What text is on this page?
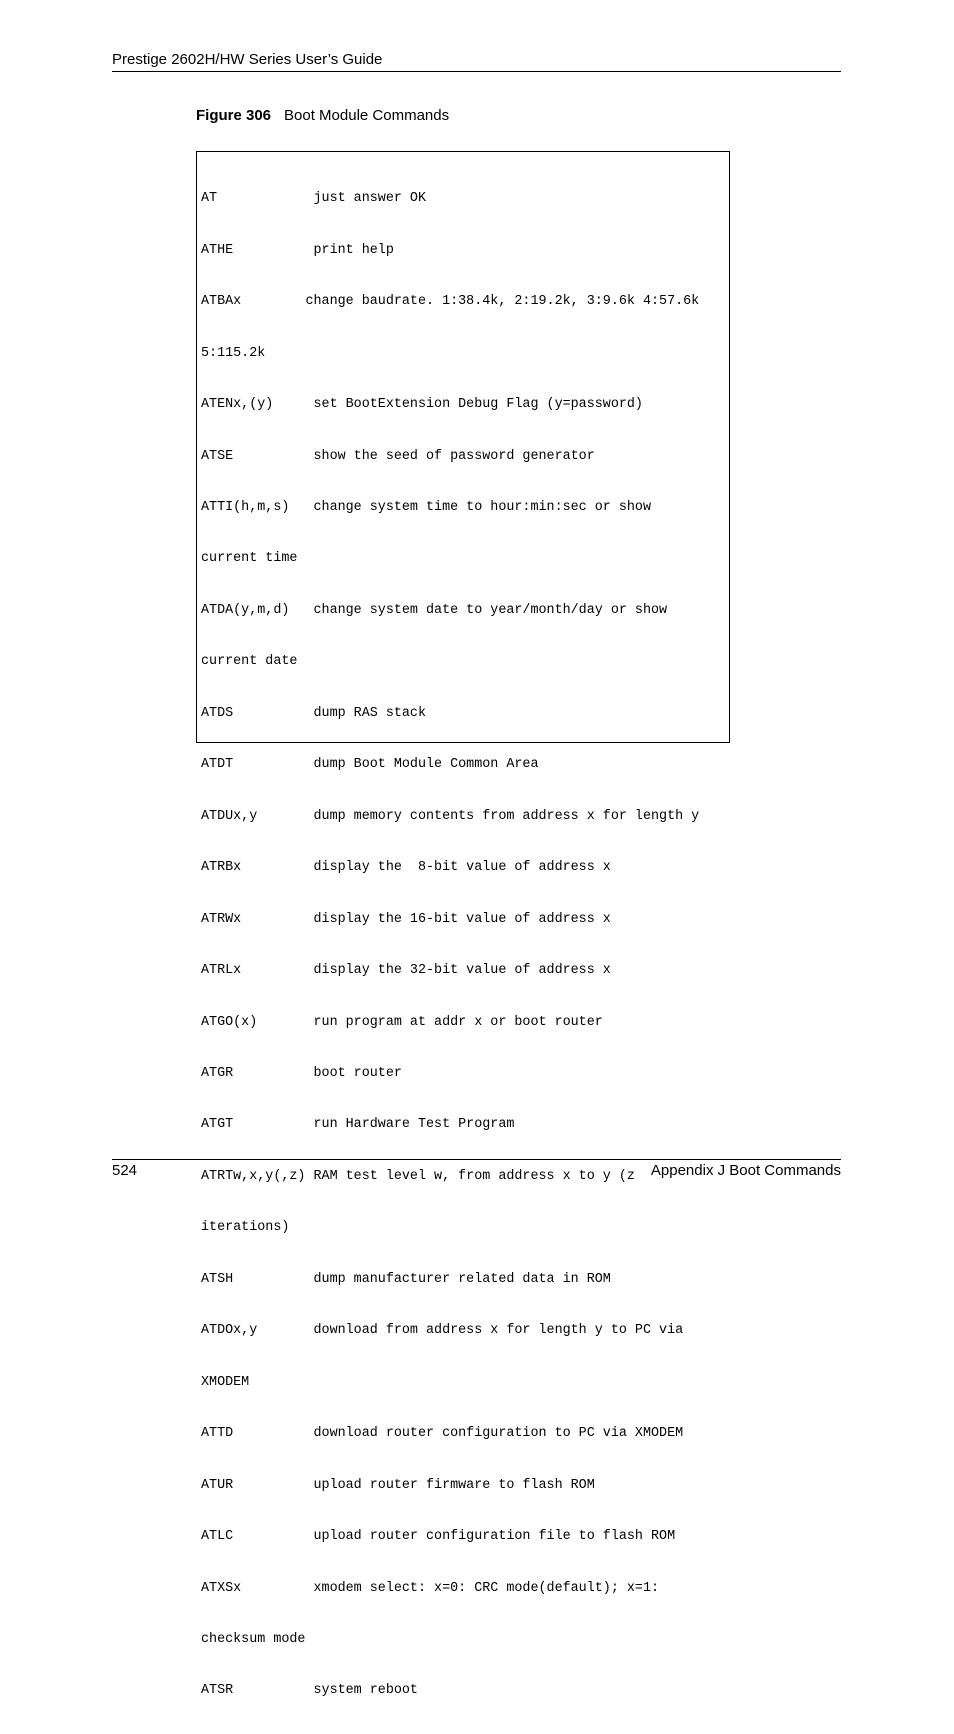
Prestige 2602H/HW Series User’s Guide
Figure 306 Boot Module Commands

AT            just answer OK

ATHE          print help

ATBAx        change baudrate. 1:38.4k, 2:19.2k, 3:9.6k 4:57.6k

5:115.2k

ATENx,(y)     set BootExtension Debug Flag (y=password)

ATSE          show the seed of password generator

ATTI(h,m,s)   change system time to hour:min:sec or show

current time

ATDA(y,m,d)   change system date to year/month/day or show

current date

ATDS          dump RAS stack

ATDT          dump Boot Module Common Area

ATDUx,y       dump memory contents from address x for length y

ATRBx         display the  8-bit value of address x

ATRWx         display the 16-bit value of address x

ATRLx         display the 32-bit value of address x

ATGO(x)       run program at addr x or boot router

ATGR          boot router

ATGT          run Hardware Test Program

ATRTw,x,y(,z) RAM test level w, from address x to y (z

iterations)

ATSH          dump manufacturer related data in ROM

ATDOx,y       download from address x for length y to PC via

XMODEM

ATTD          download router configuration to PC via XMODEM

ATUR          upload router firmware to flash ROM

ATLC          upload router configuration file to flash ROM

ATXSx         xmodem select: x=0: CRC mode(default); x=1:

checksum mode

ATSR          system reboot

524	Appendix J Boot Commands
